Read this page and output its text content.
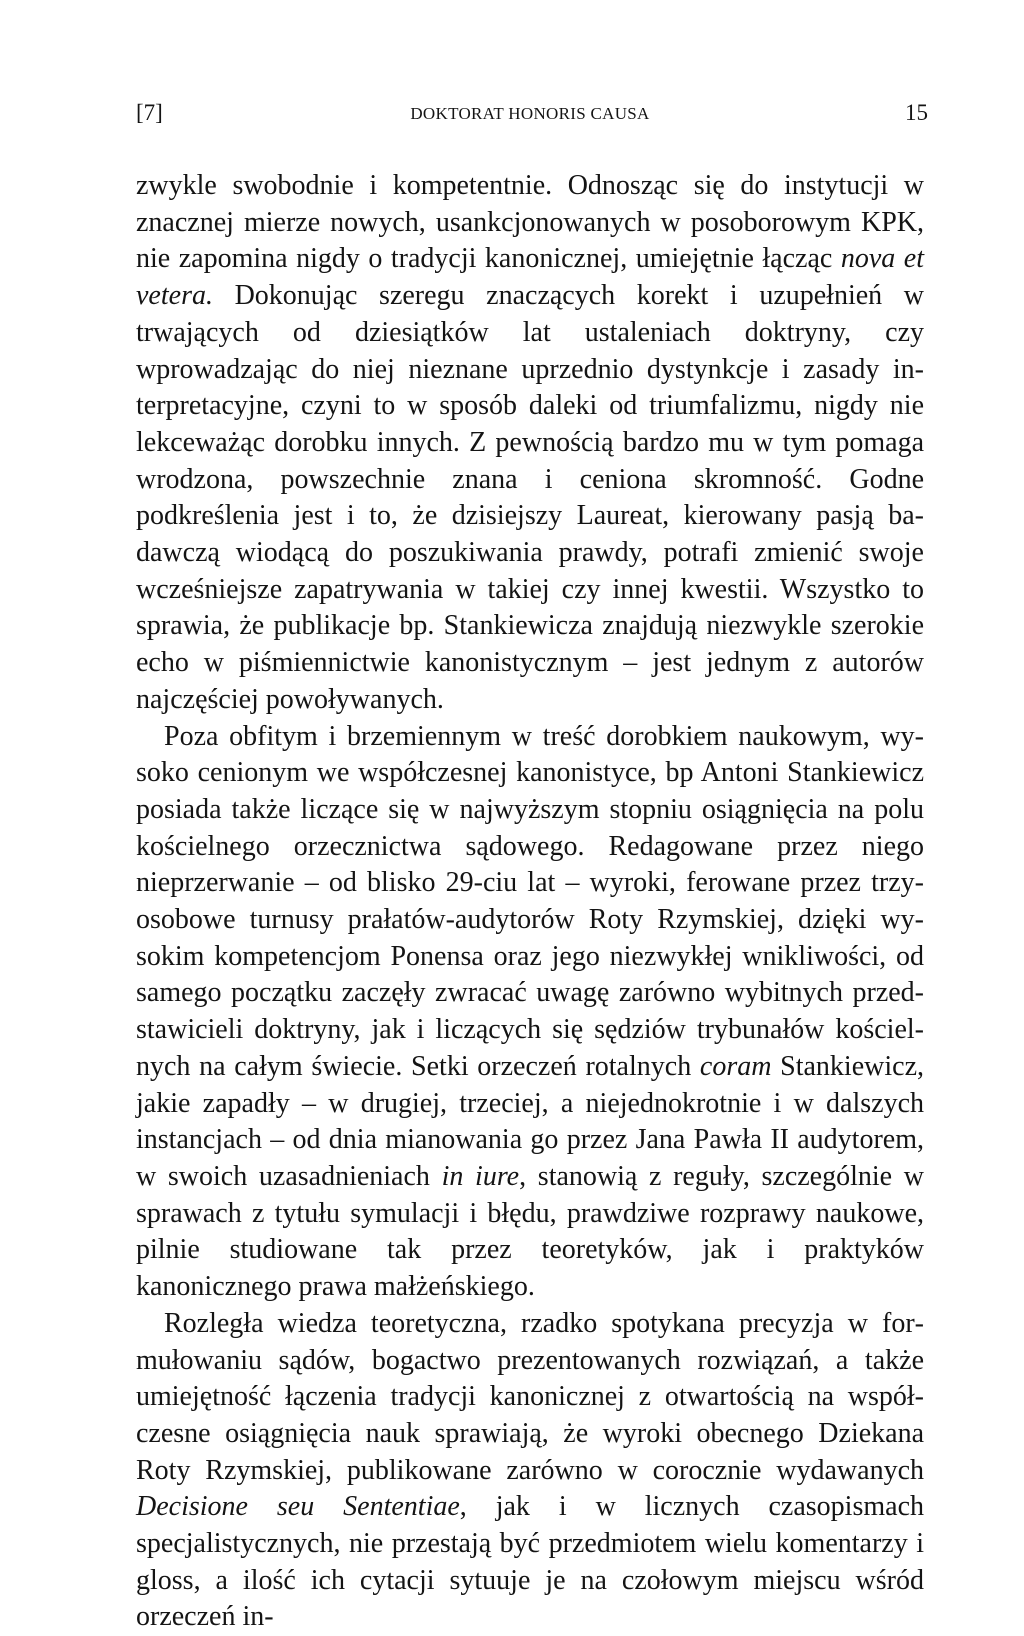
[7]	DOKTORAT HONORIS CAUSA	15

zwykle swobodnie i kompetentnie. Odnosząc się do instytucji w znacznej mierze nowych, usankcjonowanych w posoborowym KPK, nie zapomina nigdy o tradycji kanonicznej, umiejętnie łącząc nova et vetera. Dokonując szeregu znaczących korekt i uzupełnień w trwających od dziesiątków lat ustaleniach doktryny, czy wprowadzając do niej nieznane uprzednio dystynkcje i zasady interpretacyjne, czyni to w sposób daleki od triumfalizmu, nigdy nie lekceważąc dorobku innych. Z pewnością bardzo mu w tym pomaga wrodzona, powszechnie znana i ceniona skromność. Godne podkreślenia jest i to, że dzisiejszy Laureat, kierowany pasją badawczą wiodącą do poszukiwania prawdy, potrafi zmienić swoje wcześniejsze zapatrywania w takiej czy innej kwestii. Wszystko to sprawia, że publikacje bp. Stankiewicza znajdują niezwykle szerokie echo w piśmiennictwie kanonistycznym – jest jednym z autorów najczęściej powoływanych.

Poza obfitym i brzemiennym w treść dorobkiem naukowym, wysoko cenionym we współczesnej kanonistyce, bp Antoni Stankiewicz posiada także liczące się w najwyższym stopniu osiągnięcia na polu kościelnego orzecznictwa sądowego. Redagowane przez niego nieprzerwanie – od blisko 29-ciu lat – wyroki, ferowane przez trzyosobowe turnusy prałatów-audytorów Roty Rzymskiej, dzięki wysokim kompetencjom Ponensa oraz jego niezwykłej wnikliwości, od samego początku zaczęły zwracać uwagę zarówno wybitnych przedstawicieli doktryny, jak i liczących się sędziów trybunałów kościelnych na całym świecie. Setki orzeczeń rotalnych coram Stankiewicz, jakie zapadły – w drugiej, trzeciej, a niejednokrotnie i w dalszych instancjach – od dnia mianowania go przez Jana Pawła II audytorem, w swoich uzasadnieniach in iure, stanowią z reguły, szczególnie w sprawach z tytułu symulacji i błędu, prawdziwe rozprawy naukowe, pilnie studiowane tak przez teoretyków, jak i praktyków kanonicznego prawa małżeńskiego.

Rozległa wiedza teoretyczna, rzadko spotykana precyzja w formułowaniu sądów, bogactwo prezentowanych rozwiązań, a także umiejętność łączenia tradycji kanonicznej z otwartością na współczesne osiągnięcia nauk sprawiają, że wyroki obecnego Dziekana Roty Rzymskiej, publikowane zarówno w corocznie wydawanych Decisione seu Sententiae, jak i w licznych czasopismach specjalistycznych, nie przestają być przedmiotem wielu komentarzy i gloss, a ilość ich cytacji sytuuje je na czołowym miejscu wśród orzeczeń in-
